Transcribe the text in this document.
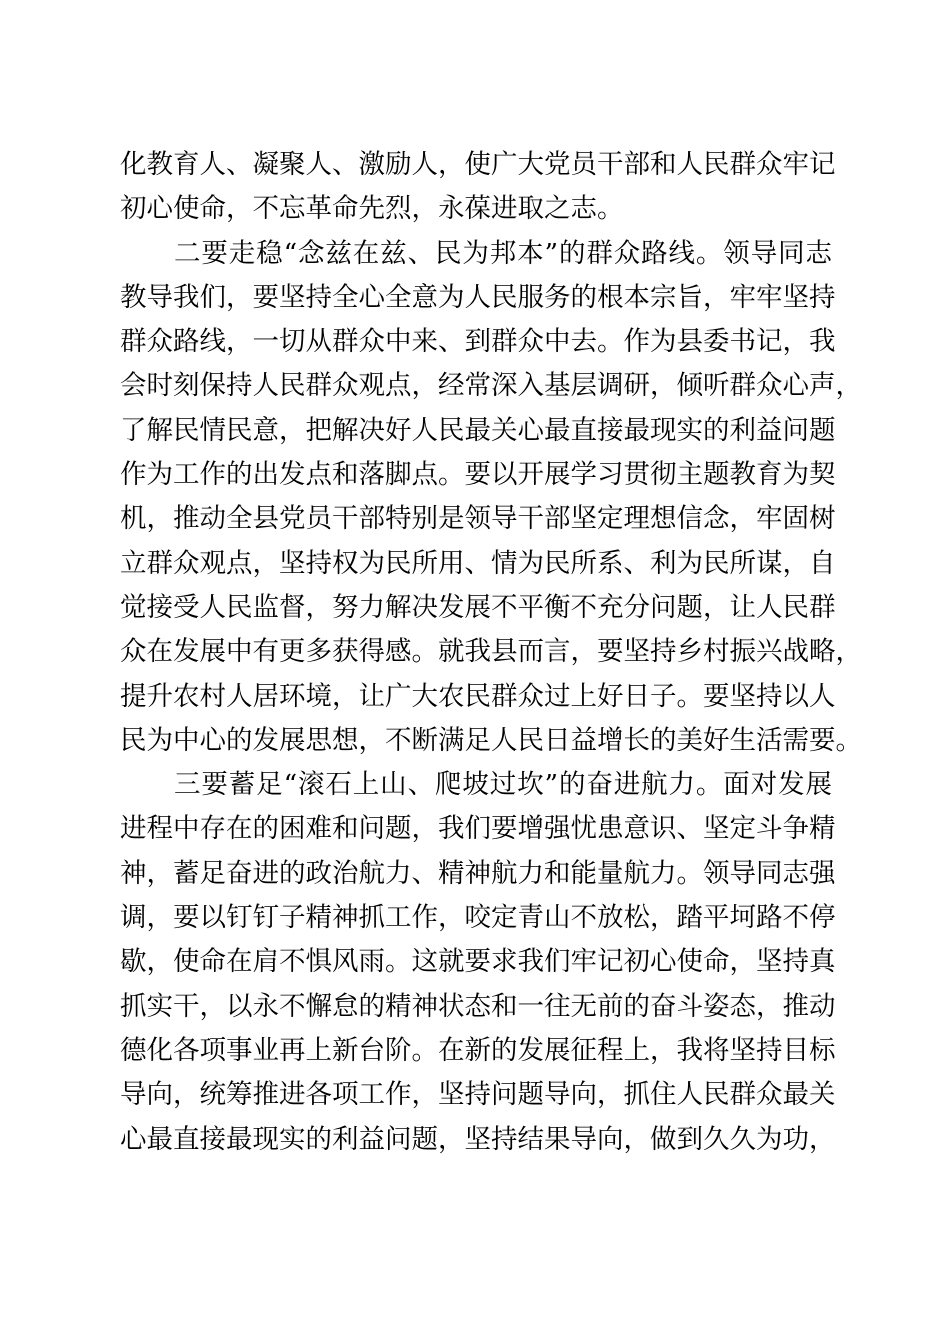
化教育人、凝聚人、激励人，使广大党员干部和人民群众牢记
初心使命，不忘革命先烈，永葆进取之志。
二要走稳“念兹在兹、民为邦本”的群众路线。领导同志
教导我们，要坚持全心全意为人民服务的根本宗旨，牢牢坚持
群众路线，一切从群众中来、到群众中去。作为县委书记，我
会时刻保持人民群众观点，经常深入基层调研，倾听群众心声，
了解民情民意，把解决好人民最关心最直接最现实的利益问题
作为工作的出发点和落脚点。要以开展学习贯彻主题教育为契
机，推动全县党员干部特别是领导干部坚定理想信念，牢固树
立群众观点，坚持权为民所用、情为民所系、利为民所谋，自
觉接受人民监督，努力解决发展不平衡不充分问题，让人民群
众在发展中有更多获得感。就我县而言，要坚持乡村振兴战略，
提升农村人居环境，让广大农民群众过上好日子。要坚持以人
民为中心的发展思想，不断满足人民日益增长的美好生活需要。
三要蓄足“滚石上山、爬坡过坎”的奋进航力。面对发展
进程中存在的困难和问题，我们要增强忧患意识、坚定斗争精
神，蓄足奋进的政治航力、精神航力和能量航力。领导同志强
调，要以钉钉子精神抓工作，咬定青山不放松，踏平坷路不停
歇，使命在肩不惧风雨。这就要求我们牢记初心使命，坚持真
抓实干，以永不懈怠的精神状态和一往无前的奋斗姿态，推动
德化各项事业再上新台阶。在新的发展征程上，我将坚持目标
导向，统筹推进各项工作，坚持问题导向，抓住人民群众最关
心最直接最现实的利益问题，坚持结果导向，做到久久为功，
